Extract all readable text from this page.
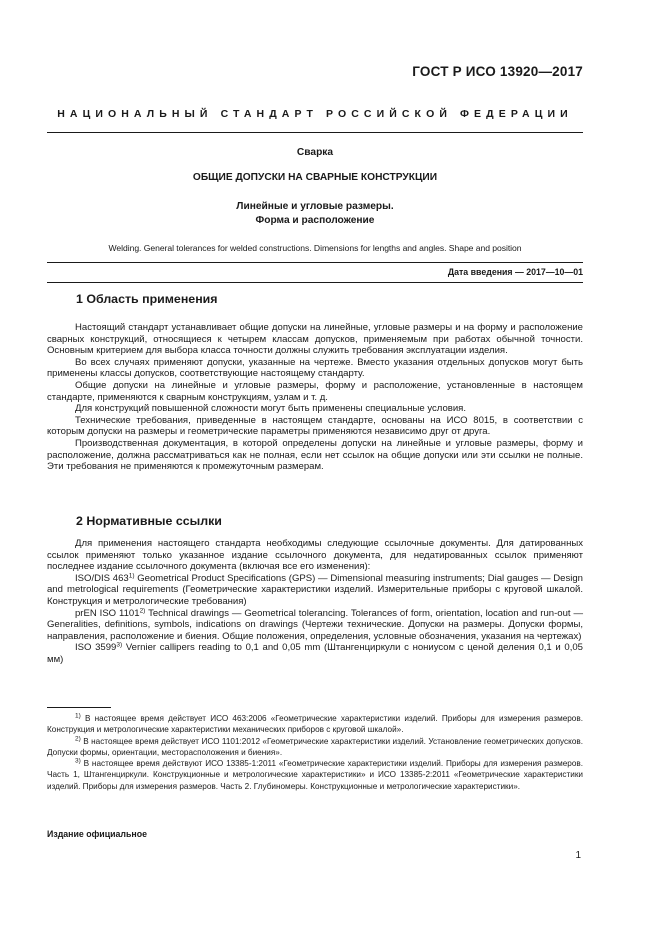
ГОСТ Р ИСО 13920—2017
НАЦИОНАЛЬНЫЙ СТАНДАРТ РОССИЙСКОЙ ФЕДЕРАЦИИ
Сварка
ОБЩИЕ ДОПУСКИ НА СВАРНЫЕ КОНСТРУКЦИИ
Линейные и угловые размеры.
Форма и расположение
Welding. General tolerances for welded constructions. Dimensions for lengths and angles. Shape and position
Дата введения — 2017—10—01
1 Область применения

Настоящий стандарт устанавливает общие допуски на линейные, угловые размеры и на форму и расположение сварных конструкций, относящиеся к четырем классам допусков, применяемым при работах обычной точности. Основным критерием для выбора класса точности должны служить требования эксплуатации изделия.

Во всех случаях применяют допуски, указанные на чертеже. Вместо указания отдельных допусков могут быть применены классы допусков, соответствующие настоящему стандарту.

Общие допуски на линейные и угловые размеры, форму и расположение, установленные в настоящем стандарте, применяются к сварным конструкциям, узлам и т. д.

Для конструкций повышенной сложности могут быть применены специальные условия.

Технические требования, приведенные в настоящем стандарте, основаны на ИСО 8015, в соответствии с которым допуски на размеры и геометрические параметры применяются независимо друг от друга.

Производственная документация, в которой определены допуски на линейные и угловые размеры, форму и расположение, должна рассматриваться как не полная, если нет ссылок на общие допуски или эти ссылки не полные. Эти требования не применяются к промежуточным размерам.

2 Нормативные ссылки

Для применения настоящего стандарта необходимы следующие ссылочные документы. Для датированных ссылок применяют только указанное издание ссылочного документа, для недатированных ссылок применяют последнее издание ссылочного документа (включая все его изменения):

ISO/DIS 463$^{1)}$ Geometrical Product Specifications (GPS) — Dimensional measuring instruments; Dial gauges — Design and metrological requirements (Геометрические характеристики изделий. Измерительные приборы с круговой шкалой. Конструкция и метрологические требования)

prEN ISO 1101$^{2)}$ Technical drawings — Geometrical tolerancing. Tolerances of form, orientation, location and run-out — Generalities, definitions, symbols, indications on drawings (Чертежи технические. Допуски на размеры. Допуски формы, направления, расположение и биения. Общие положения, определения, условные обозначения, указания на чертежах)

ISO 3599$^{3)}$ Vernier callipers reading to 0,1 and 0,05 mm (Штангенциркули с нониусом с ценой деления 0,1 и 0,05 мм)

$^{1)}$ В настоящее время действует ИСО 463:2006 «Геометрические характеристики изделий. Приборы для измерения размеров. Конструкция и метрологические характеристики механических приборов с круговой шкалой».

$^{2)}$ В настоящее время действует ИСО 1101:2012 «Геометрические характеристики изделий. Установление геометрических допусков. Допуски формы, ориентации, месторасположения и биения».

$^{3)}$ В настоящее время действуют ИСО 13385-1:2011 «Геометрические характеристики изделий. Приборы для измерения размеров. Часть 1, Штангенциркули. Конструкционные и метрологические характеристики» и ИСО 13385-2:2011 «Геометрические характеристики изделий. Приборы для измерения размеров. Часть 2. Глубиномеры. Конструкционные и метрологические характеристики».

Издание официальное
1
